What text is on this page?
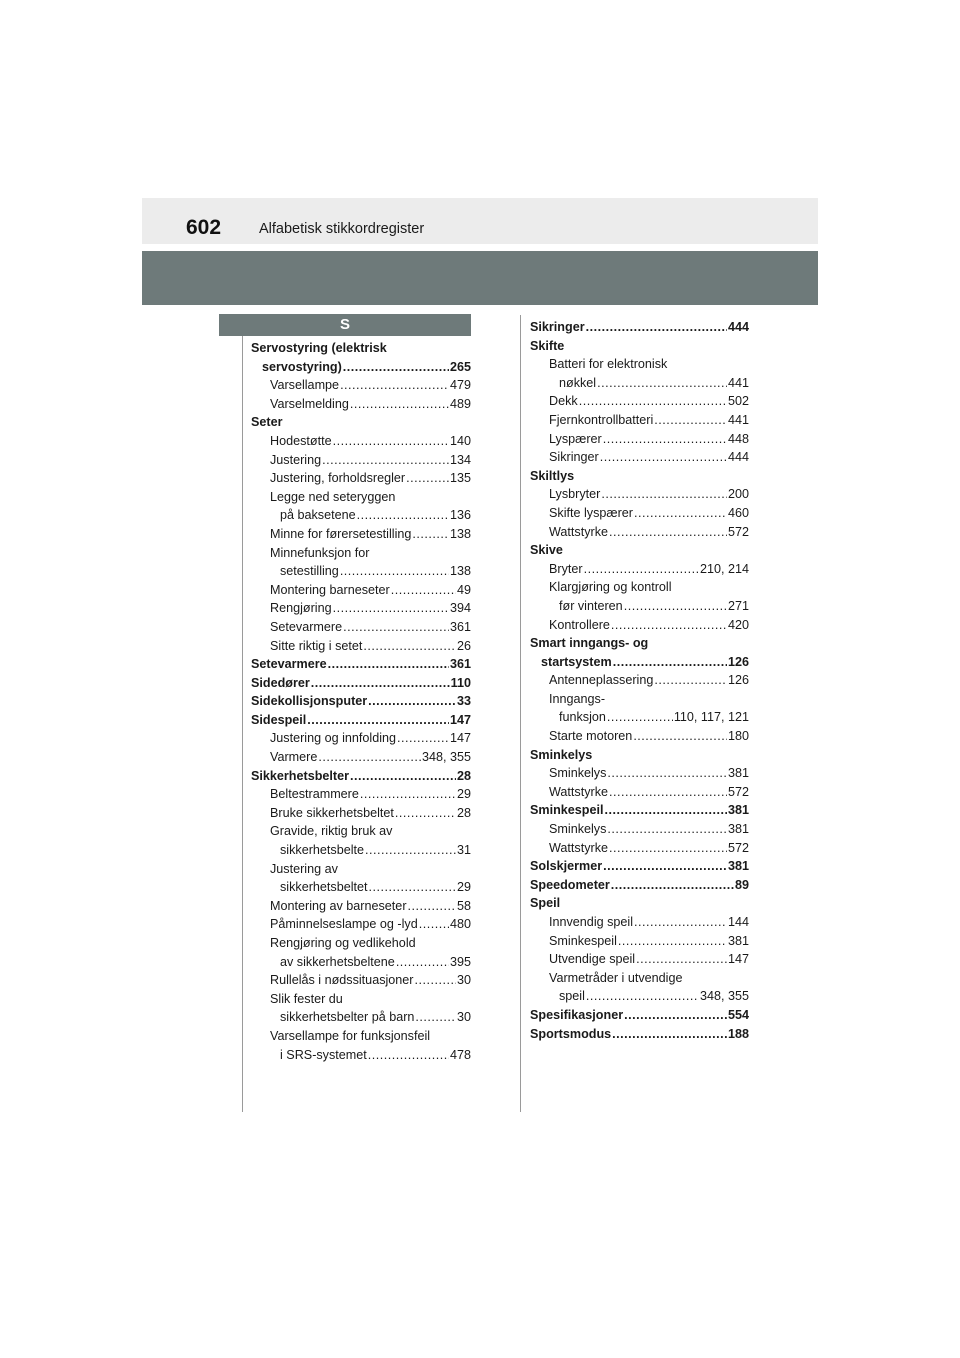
602	Alfabetisk stikkordregister
S
Servostyring (elektrisk
servostyring) .....	265
Varsellampe .....	479
Varselmelding .....	489
Seter
Hodestøtte .....	140
Justering .....	134
Justering, forholdsregler .....	135
Legge ned seteryggen
på baksetene .....	136
Minne for førersetestilling .....	138
Minnefunksjon for
setestilling .....	138
Montering barneseter .....	49
Rengjøring .....	394
Setevarmere .....	361
Sitte riktig i setet .....	26
Setevarmere .....	361
Sidedører .....	110
Sidekollisjonsputer .....	33
Sidespeil .....	147
Justering og innfolding .....	147
Varmere .....	348, 355
Sikkerhetsbelter .....	28
Beltestrammere .....	29
Bruke sikkerhetsbeltet .....	28
Gravide, riktig bruk av
sikkerhetsbelte .....	31
Justering av
sikkerhetsbeltet .....	29
Montering av barneseter .....	58
Påminnelseslampe og -lyd .....	480
Rengjøring og vedlikehold
av sikkerhetsbeltene .....	395
Rullelås i nødssituasjoner .....	30
Slik fester du
sikkerhetsbelter på barn .....	30
Varsellampe for funksjonsfeil
i SRS-systemet .....	478
Sikringer .....	444
Skifte
Batteri for elektronisk
nøkkel .....	441
Dekk .....	502
Fjernkontrollbatteri .....	441
Lyspærer .....	448
Sikringer .....	444
Skiltlys
Lysbryter .....	200
Skifte lyspærer .....	460
Wattstyrke .....	572
Skive
Bryter .....	210, 214
Klargjøring og kontroll
før vinteren .....	271
Kontrollere .....	420
Smart inngangs- og
startsystem .....	126
Antenneplassering .....	126
Inngangs-
funksjon .....	110, 117, 121
Starte motoren .....	180
Sminkelys
Sminkelys .....	381
Wattstyrke .....	572
Sminkespeil .....	381
Sminkelys .....	381
Wattstyrke .....	572
Solskjermer .....	381
Speedometer .....	89
Speil
Innvendig speil .....	144
Sminkespeil .....	381
Utvendige speil .....	147
Varmetråder i utvendige
speil .....	348, 355
Spesifikasjoner .....	554
Sportsmodus .....	188
